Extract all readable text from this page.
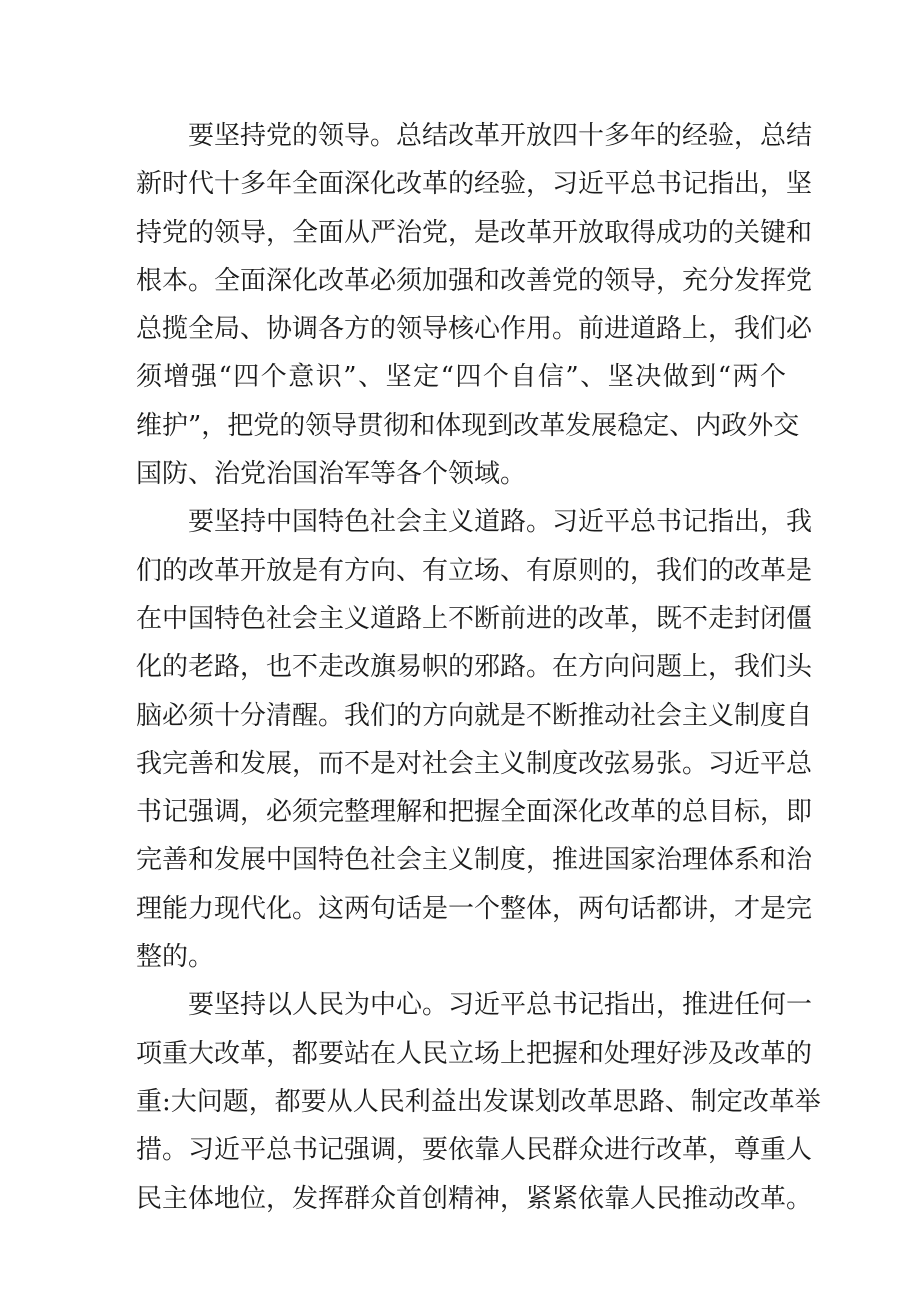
要坚持党的领导。总结改革开放四十多年的经验，总结
新时代十多年全面深化改革的经验，习近平总书记指出，坚
持党的领导，全面从严治党，是改革开放取得成功的关键和
根本。全面深化改革必须加强和改善党的领导，充分发挥党
总揽全局、协调各方的领导核心作用。前进道路上，我们必
须增强“四个意识”、坚定“四个自信”、坚决做到“两个
维护”，把党的领导贯彻和体现到改革发展稳定、内政外交
国防、治党治国治军等各个领域。
要坚持中国特色社会主义道路。习近平总书记指出，我
们的改革开放是有方向、有立场、有原则的，我们的改革是
在中国特色社会主义道路上不断前进的改革，既不走封闭僵
化的老路，也不走改旗易帜的邪路。在方向问题上，我们头
脑必须十分清醒。我们的方向就是不断推动社会主义制度自
我完善和发展，而不是对社会主义制度改弦易张。习近平总
书记强调，必须完整理解和把握全面深化改革的总目标，即
完善和发展中国特色社会主义制度，推进国家治理体系和治
理能力现代化。这两句话是一个整体，两句话都讲，才是完
整的。
要坚持以人民为中心。习近平总书记指出，推进任何一
项重大改革，都要站在人民立场上把握和处理好涉及改革的
重:大问题，都要从人民利益出发谋划改革思路、制定改革举
措。习近平总书记强调，要依靠人民群众进行改革，尊重人
民主体地位，发挥群众首创精神，紧紧依靠人民推动改革。
